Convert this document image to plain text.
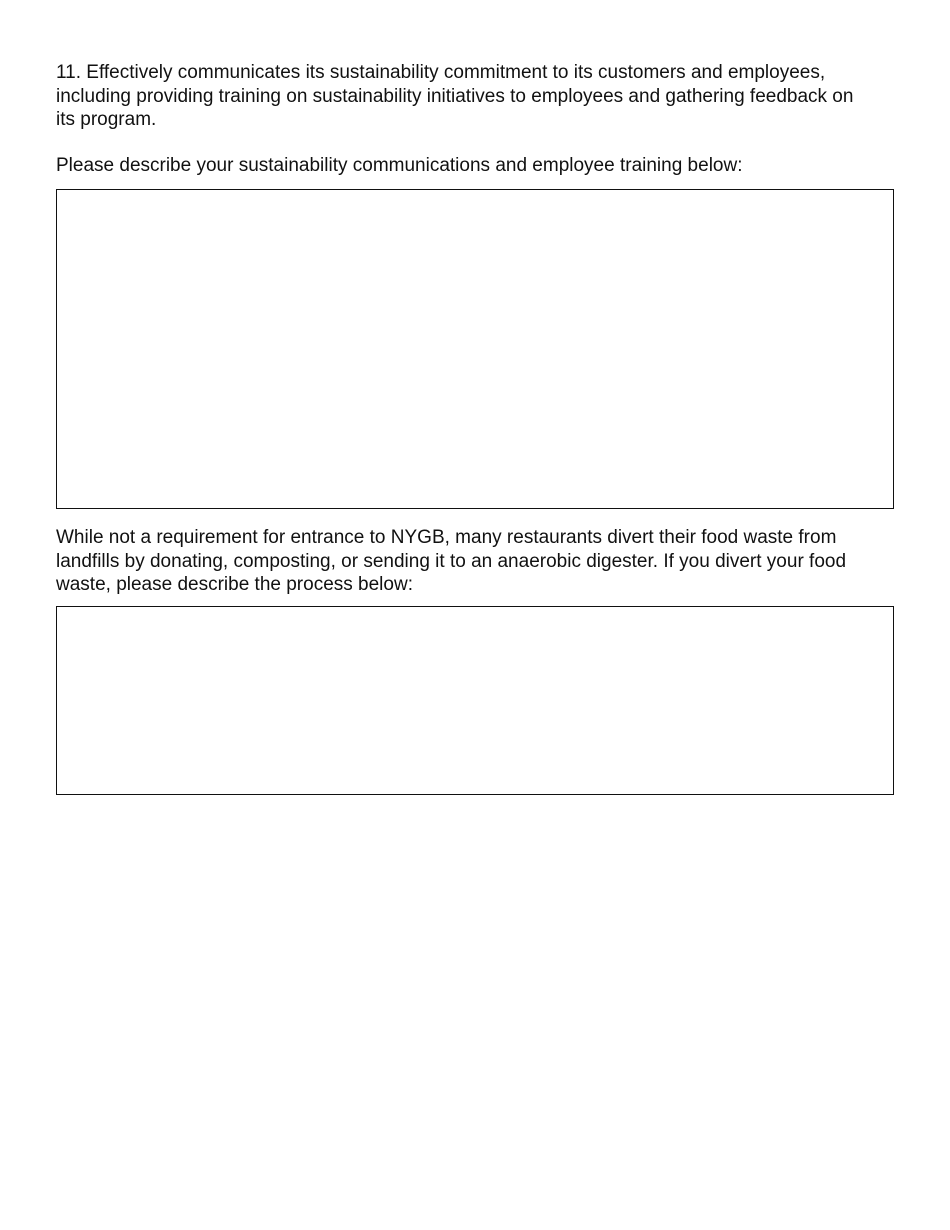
11. Effectively communicates its sustainability commitment to its customers and employees, including providing training on sustainability initiatives to employees and gathering feedback on its program.

Please describe your sustainability communications and employee training below:

While not a requirement for entrance to NYGB, many restaurants divert their food waste from landfills by donating, composting, or sending it to an anaerobic digester. If you divert your food waste, please describe the process below:
